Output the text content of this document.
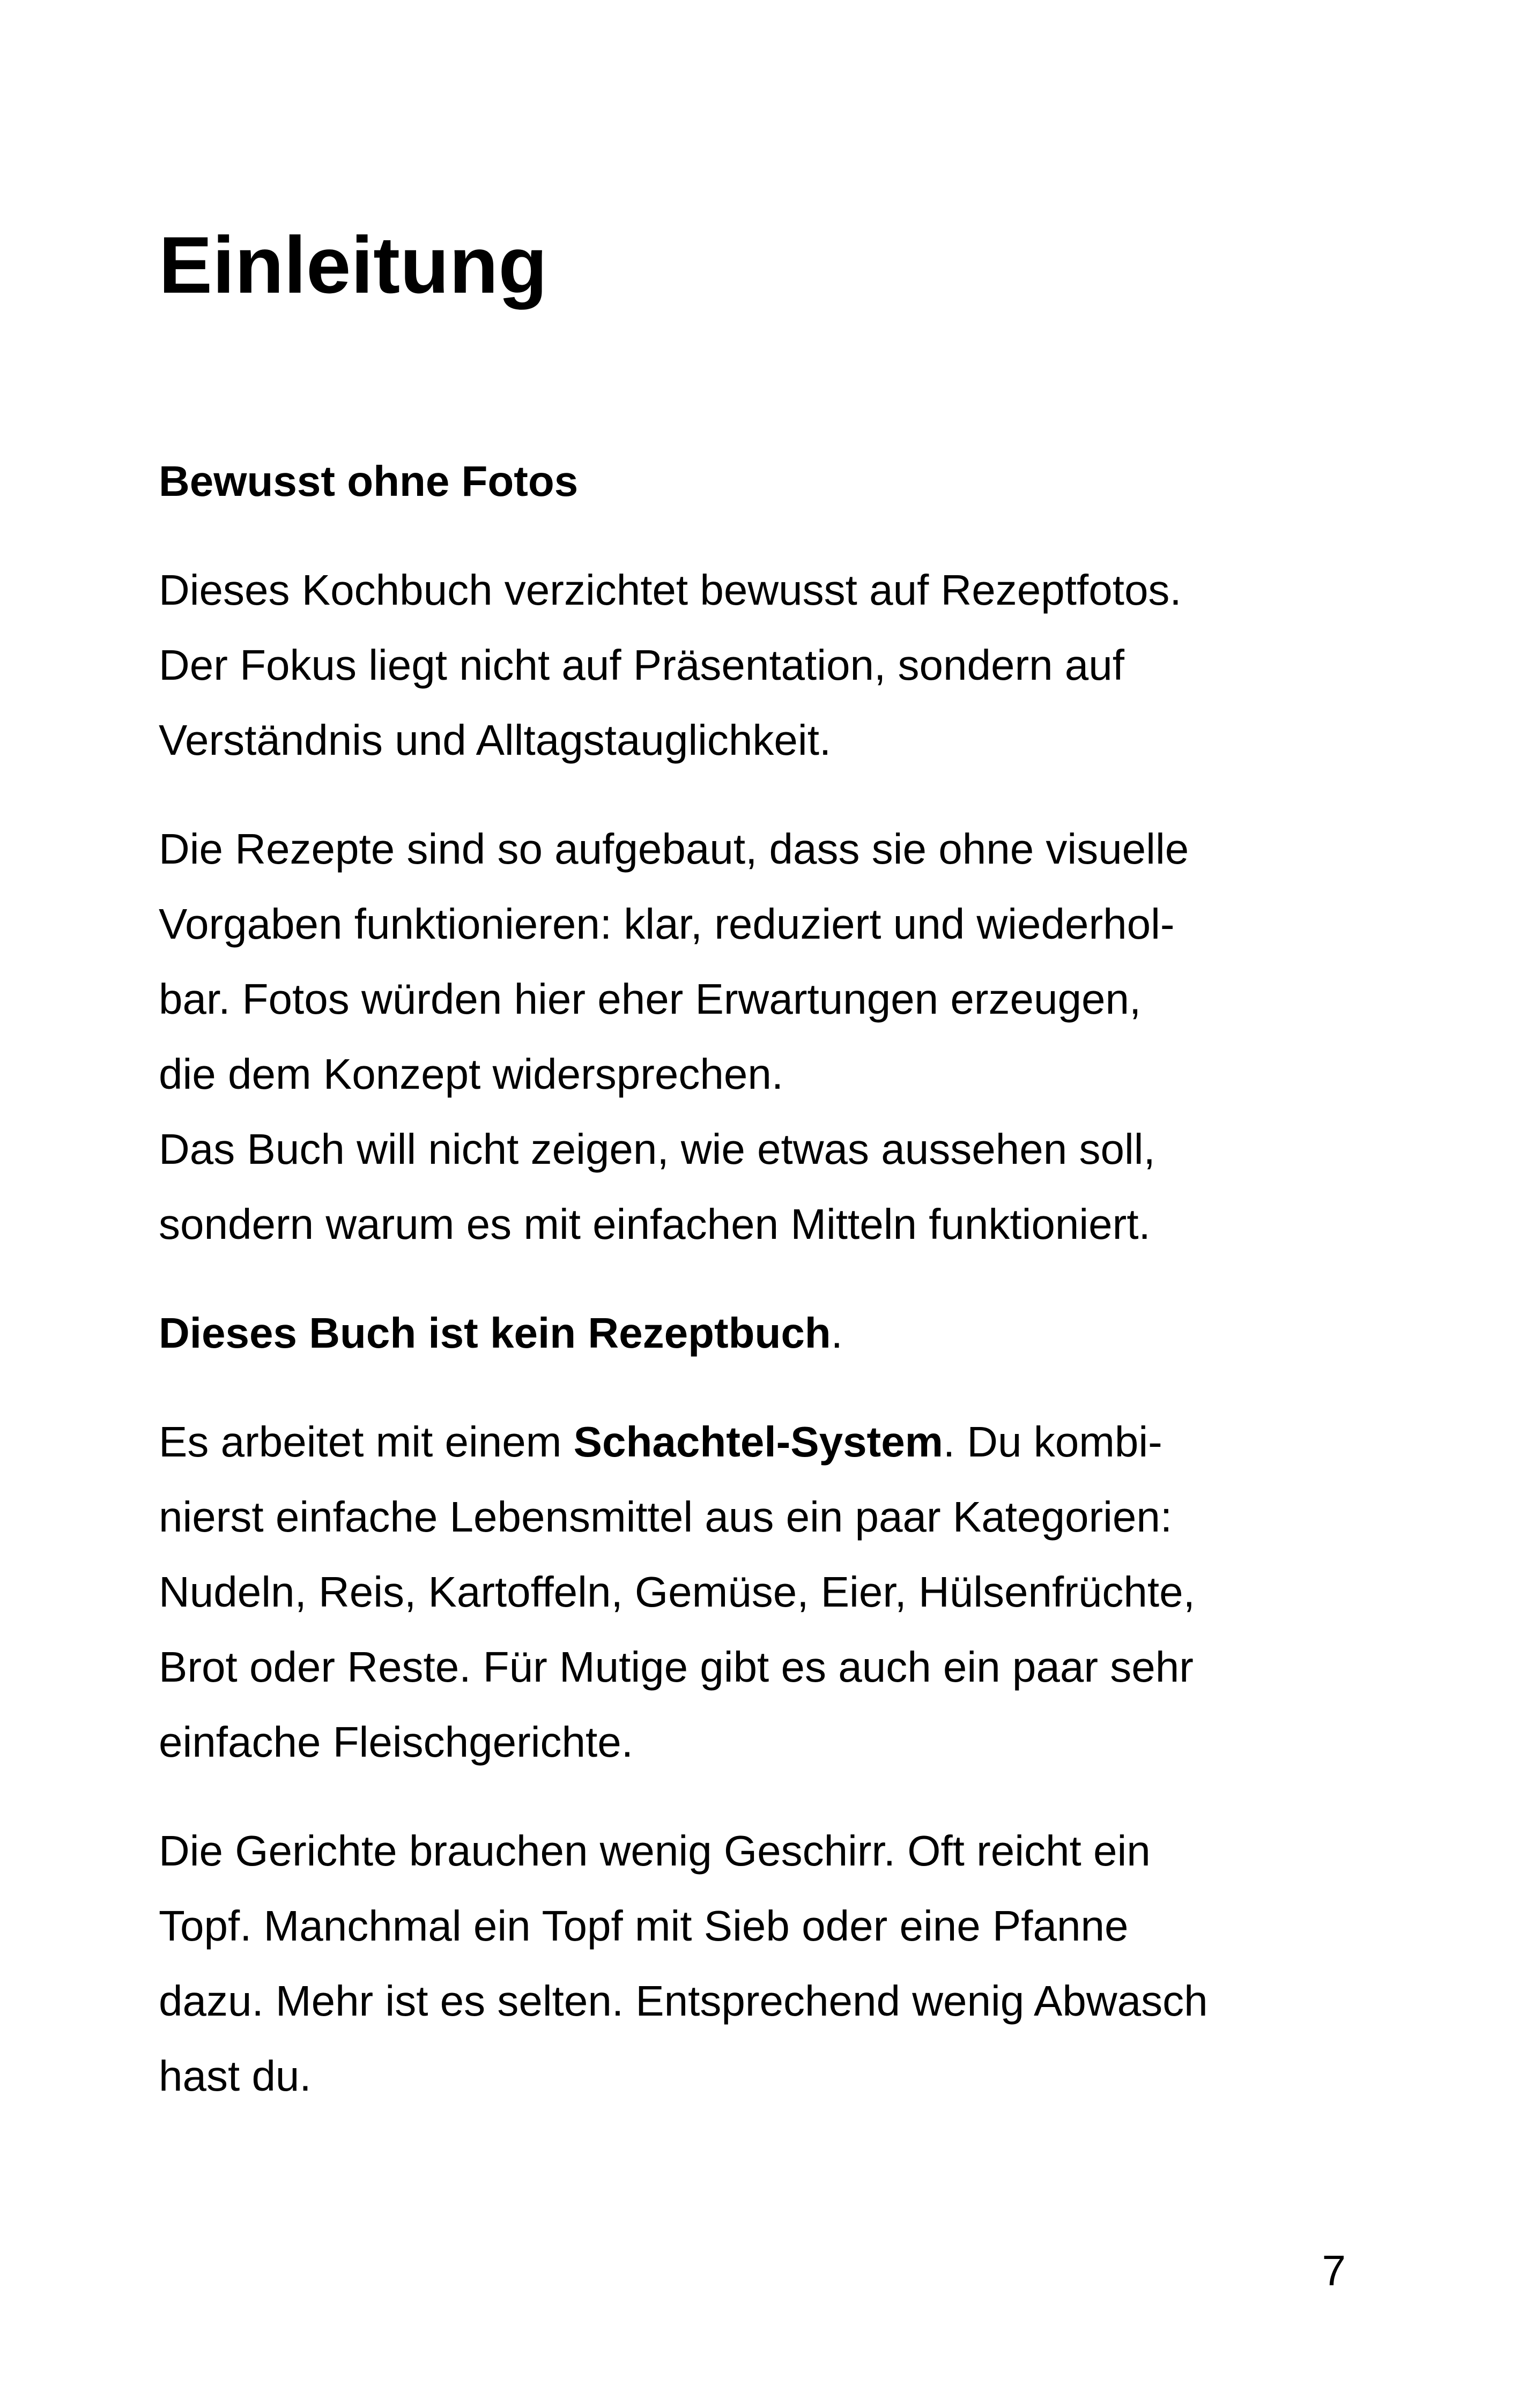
Einleitung

Bewusst ohne Fotos

Dieses Kochbuch verzichtet bewusst auf Rezeptfotos.

Der Fokus liegt nicht auf Präsentation, sondern auf

Verständnis und Alltagstauglichkeit.

Die Rezepte sind so aufgebaut, dass sie ohne visuelle

Vorgaben funktionieren: klar, reduziert und wiederhol-

bar. Fotos würden hier eher Erwartungen erzeugen,

die dem Konzept widersprechen.

Das Buch will nicht zeigen, wie etwas aussehen soll,

sondern warum es mit einfachen Mitteln funktioniert.

Dieses Buch ist kein Rezeptbuch.

Es arbeitet mit einem Schachtel-System. Du kombi-

nierst einfache Lebensmittel aus ein paar Kategorien:

Nudeln, Reis, Kartoffeln, Gemüse, Eier, Hülsenfrüchte,

Brot oder Reste. Für Mutige gibt es auch ein paar sehr

einfache Fleischgerichte.

Die Gerichte brauchen wenig Geschirr. Oft reicht ein

Topf. Manchmal ein Topf mit Sieb oder eine Pfanne

dazu. Mehr ist es selten. Entsprechend wenig Abwasch

hast du.

7
